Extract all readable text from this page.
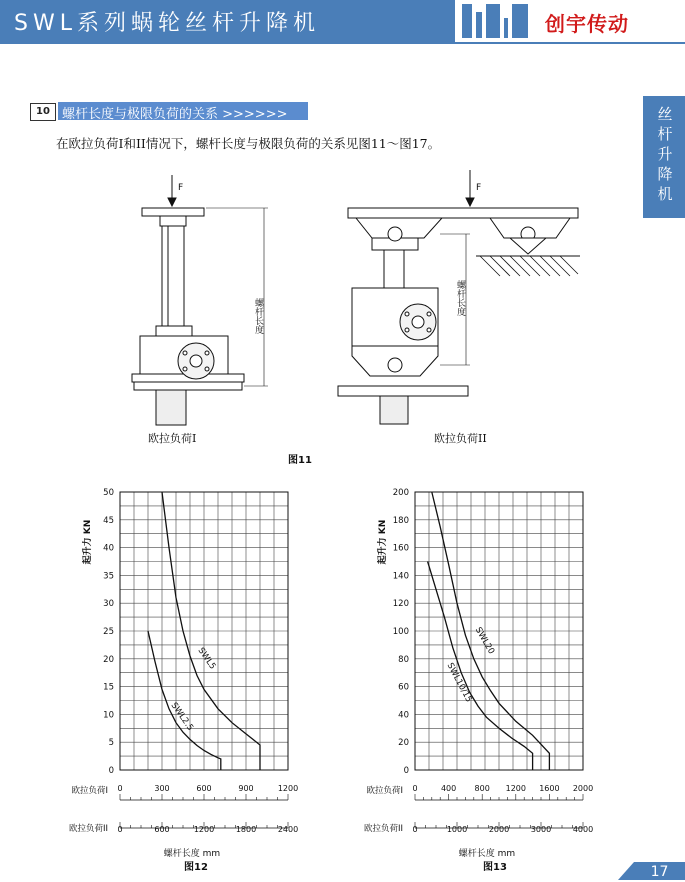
SWL系列蜗轮丝杆升降机	创宇传动
丝杆升降机
10 螺杆长度与极限负荷的关系 >>>>>>
在欧拉负荷I和II情况下，螺杆长度与极限负荷的关系见图11～图17。
F
螺杆长度
F
螺杆长度
欧拉负荷I	欧拉负荷II
图11
0
5
10
15
20
25
30
35
40
45
50
起升力 KN
SWL5
SWL2.5
欧拉负荷I 0	300	600	900	1200
欧拉负荷II 0	600	1200	1800	2400
螺杆长度 mm
0
20
40
60
80
100
120
140
160
180
200
起升力 KN
SWL20
SWL10/15
欧拉负荷I 0	400 800 1200 1600 2000
欧拉负荷II 0	1000	2000	3000	4000
螺杆长度 mm
图12	图13	17
